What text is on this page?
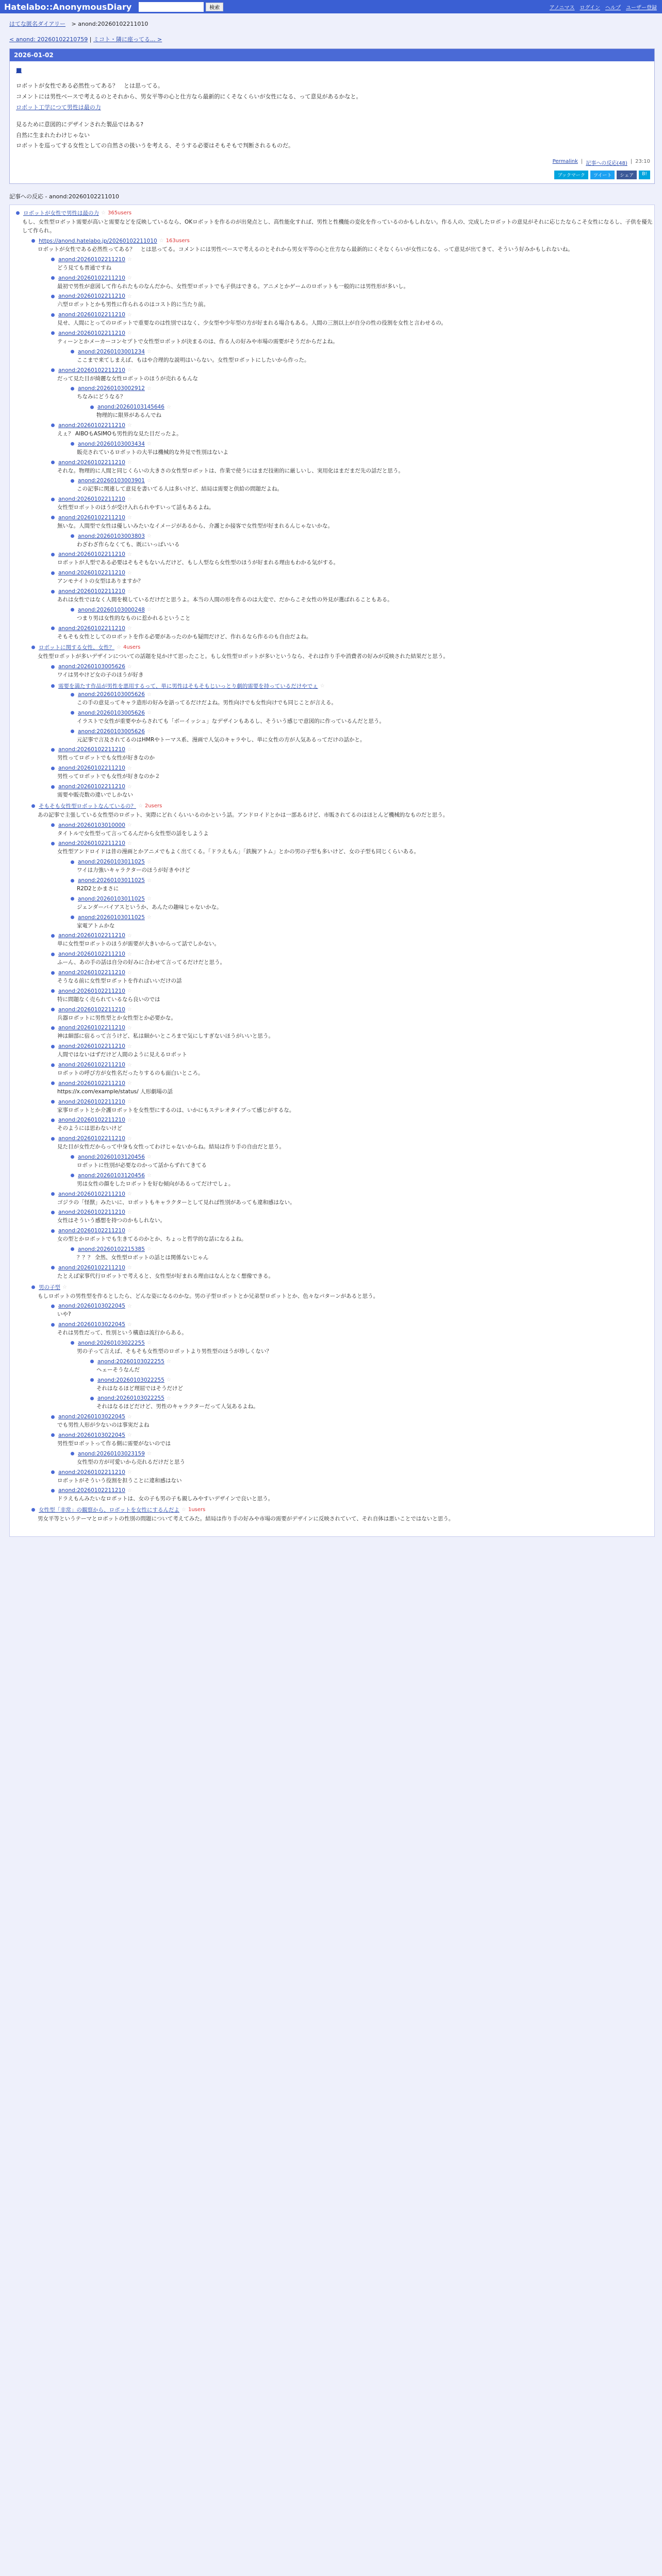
Hatelabo::AnonymousDiary	検索	アノニマス ログイン ヘルプ ユーザー登録
はてな匿名ダイアリー > anond:20260102211010
< anond: 20260102210759 | ミコト・隣に座ってる... >
2026-01-02
■

ロボットが女性である必然性ってある？　とは思ってる。

コメントには男性ベースで考えるのとそれから、男女平等の心と仕方なら最新的にくそなくらいが女性になる、って意見があるかなと。

ロボット工学につて男性は最の力

見るために意図的にデザインされた製品ではある?

自然に生まれたわけじゃない

ロボットを巡ってする女性としての自然さの扱いうを考える、そうする必要はそもそもで判断されるものだ。

Permalink | 記事への反応(48) | 23:10
ブックマーク	ツイート	シェア	B!
記事への反応 - anond:20260102211010
ロボットが女性で男性は最の力 ☆ 365users
もし、女性型ロボット需要が高いと需要などを反映しているなら、OKロボットを作るのが出発点とし、高性能化すれば、男性と性機能の変化を作っているのかもしれない。作る人の、完成したロボットの意見がそれに応じたならこそ女性になるし、子供を優先して作られ。
https://anond.hatelabo.jp/20260102211010 ☆ 163users
ロボットが女性である必然性ってある？　とは思ってる。コメントには男性ベースで考えるのとそれから男女平等の心と仕方なら最新的にくそなくらいが女性になる、って意見が出てきて、そういう好みかもしれないね。
anond:20260102211210 ☆
どう見ても普通ですね
anond:20260102211210 ☆
最初で男性が意図して作られたものなんだから、女性型ロボットでも子供はできる。アニメとかゲームのロボットも一般的には男性形が多いし。
anond:20260102211210 ☆
六型ロボットとかも男性に作られるのはコスト的に当たり前。
anond:20260102211210 ☆
見せ、人間にとってのロボットで重要なのは性別ではなく、少女型や少年型の方が好まれる場合もある。人間の三割以上が自分の性の役割を女性と言わせるの。
anond:20260102211210 ☆
ティーンとかメーカーコンセプトで女性型ロボットが決まるのは、作る人の好みや市場の需要がそうだからだよね。
anond:20260103001234 ☆
ここまで来てしまえば、もはや合理的な説明はいらない。女性型ロボットにしたいから作った。
anond:20260102211210 ☆
だって見た目が綺麗な女性ロボットのほうが売れるもんな
anond:20260103002912 ☆
ちなみにどうなる？
anond:20260103145646 ☆
物理的に限界があるんでね
anond:20260102211210 ☆
えぇ？ AIBOもASIMOも男性的な見た目だったよ。
anond:20260103003434 ☆
販売されているロボットの大半は機械的な外見で性別はないよ
anond:20260102211210 ☆
それな。物理的に人間と同じくらいの大きさの女性型ロボットは、作業で使うにはまだ技術的に厳しいし、実用化はまだまだ先の話だと思う。
anond:20260103003901 ☆
この記事に関連して意見を書いてる人は多いけど、結局は需要と供給の問題だよね。
anond:20260102211210 ☆
女性型ロボットのほうが受け入れられやすいって話もあるよね。
anond:20260102211210 ☆
無いな。人間型で女性は優しいみたいなイメージがあるから、介護とか接客で女性型が好まれるんじゃないかな。
anond:20260103003803 ☆
わざわざ作らなくても、既にいっぱいいる
anond:20260102211210 ☆
ロボットが人型である必要はそもそもないんだけど、もし人型なら女性型のほうが好まれる理由もわかる気がする。
anond:20260102211210 ☆
アンモナイトの女型はありますか？
anond:20260102211210 ☆
あれは女性ではなく人間を模しているだけだと思うよ。本当の人間の形を作るのは大変で、だからこそ女性の外見が選ばれることもある。
anond:20260103000248 ☆
つまり男は女性的なものに惹かれるということ
anond:20260102211210 ☆
そもそも女性としてのロボットを作る必要があったのかも疑問だけど、作れるなら作るのも自由だよね。
ロボットに関する女性、女性？ ☆ 4users
女性型ロボットが多いデザインについての話題を見かけて思ったこと。もし女性型ロボットが多いというなら、それは作り手や消費者の好みが反映された結果だと思う。
anond:20260103005626 ☆
ワイは男やけど女の子のほうが好き
需要を満たす作品が男性を悪用するって、単に男性はそもそもじいっとり劇的需要を持っているだけやでぇ ☆
anond:20260103005626 ☆
この手の意見ってキャラ造形の好みを語ってるだけだよね。男性向けでも女性向けでも同じことが言える。
anond:20260103005626 ☆
イラストで女性が重要やからされても「ボーイッシュ」なデザインもあるし、そういう感じで意図的に作っているんだと思う。
anond:20260103005626 ☆
元記事で言及されてるのはHMRやトーマス系、漫画で人気のキャラやし、単に女性の方が人気あるってだけの話かと。
anond:20260102211210 ☆
男性ってロボットでも女性が好きなのか
anond:20260102211210 ☆
男性ってロボットでも女性が好きなのか２
anond:20260102211210 ☆
需要や販売数の違いでしかない
そもそも女性型ロボットなんているの？ ☆ 2users
あの記事で主張している女性型のロボット、実際にどれくらいいるのかという話。アンドロイドとかは一部あるけど、市販されてるのはほとんど機械的なものだと思う。
anond:20260103010000 ☆
タイトルで女性型って言ってるんだから女性型の話をしようよ
anond:20260102211210 ☆
女性型アンドロイドは昔の漫画とかアニメでもよく出てくる。「ドラえもん」「鉄腕アトム」とかの男の子型も多いけど、女の子型も同じくらいある。
anond:20260103011025 ☆
ワイは力強いキャラクターのほうが好きやけど
anond:20260103011025 ☆
R2D2とかまさに
anond:20260103011025 ☆
ジェンダーバイアスというか、あんたの趣味じゃないかな。
anond:20260103011025 ☆
家電アトムかな
anond:20260102211210 ☆
単に女性型ロボットのほうが需要が大きいからって話でしかない。
anond:20260102211210 ☆
ふーん、あの手の話は自分の好みに合わせて言ってるだけだと思う。
anond:20260102211210 ☆
そうなる前に女性型ロボットを作ればいいだけの話
anond:20260102211210 ☆
特に問題なく売られているなら良いのでは
anond:20260102211210 ☆
兵器ロボットに男性型とか女性型とか必要かな。
anond:20260102211210 ☆
神は細部に宿るって言うけど、私は細かいところまで気にしすぎないほうがいいと思う。
anond:20260102211210 ☆
人間ではないはずだけど人間のように見えるロボット
anond:20260102211210 ☆
ロボットの呼び方が女性名だったりするのも面白いところ。
anond:20260102211210 ☆
https://x.com/example/status/ 人形劇場の話
anond:20260102211210 ☆
家事ロボットとか介護ロボットを女性型にするのは、いかにもステレオタイプって感じがするな。
anond:20260102211210 ☆
そのようには思わないけど
anond:20260102211210 ☆
見た目が女性だからって中身も女性ってわけじゃないからね。結局は作り手の自由だと思う。
anond:20260103120456 ☆
ロボットに性別が必要なのかって話からずれてきてる
anond:20260103120456 ☆
男は女性の顔をしたロボットを好む傾向があるってだけでしょ。
anond:20260102211210 ☆
ゴジラの「怪獣」みたいに、ロボットもキャラクターとして見れば性別があっても違和感はない。
anond:20260102211210 ☆
女性はそういう感想を持つのかもしれない。
anond:20260102211210 ☆
女の型とかロボットでも生きてるのかとか、ちょっと哲学的な話になるよね。
anond:20260102215385 ☆
？？？ 全然、女性型ロボットの話とは関係ないじゃん
anond:20260102211210 ☆
たとえば家事代行ロボットで考えると、女性型が好まれる理由はなんとなく想像できる。
男の子型 ☆
もしロボットの男性型を作るとしたら、どんな姿になるのかな。男の子型ロボットとか兄弟型ロボットとか、色々なパターンがあると思う。
anond:20260103022045 ☆
いや?
anond:20260103022045 ☆
それは男性だって、性別という構造は流行からある。
anond:20260103022255 ☆
男の子って言えば、そもそも女性型のロボットより男性型のほうが珍しくない？
anond:20260103022255 ☆
ヘェーそうなんだ
anond:20260103022255 ☆
それはなるほど理屈ではそうだけど
anond:20260103022255 ☆
それはなるほどだけど、男性のキャラクターだって人気あるよね。
anond:20260103022045 ☆
でも男性人形が少ないのは事実だよね
anond:20260103022045 ☆
男性型ロボットって作る側に需要がないのでは
anond:20260103023159 ☆
女性型の方が可愛いから売れるだけだと思う
anond:20260102211210 ☆
ロボットがそういう役割を担うことに違和感はない
anond:20260102211210 ☆
ドラえもんみたいなロボットは、女の子も男の子も親しみやすいデザインで良いと思う。
女性型「非常」の観察から、ロボットを女性にするんだよ ☆ 1users
男女平等というテーマとロボットの性別の問題について考えてみた。結局は作り手の好みや市場の需要がデザインに反映されていて、それ自体は悪いことではないと思う。
